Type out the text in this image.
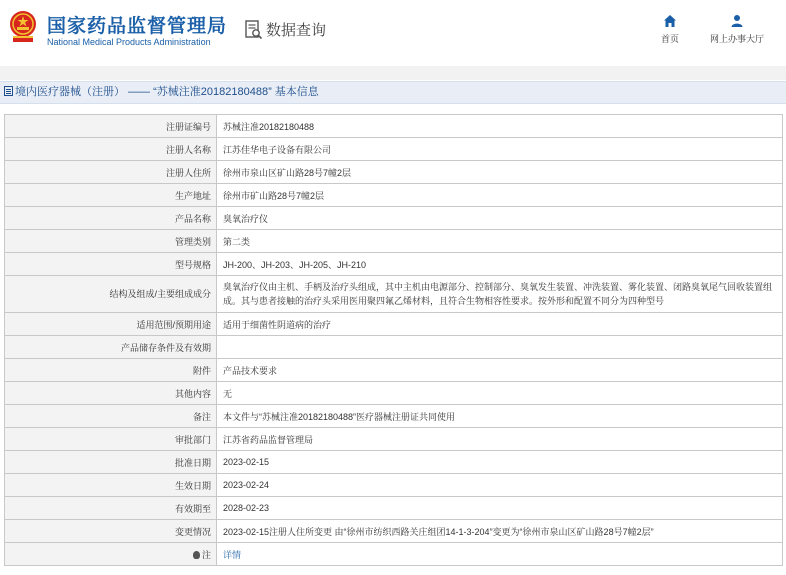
国家药品监督管理局
National Medical Products Administration
数据查询	首页	网上办事大厅
境内医疗器械（注册） —— “苏械注准20182180488” 基本信息
注册证编号	苏械注准20182180488
注册人名称	江苏佳华电子设备有限公司
注册人住所	徐州市泉山区矿山路28号7幢2层
生产地址	徐州市矿山路28号7幢2层
产品名称	臭氧治疗仪
管理类别	第二类
型号规格	JH-200、JH-203、JH-205、JH-210
结构及组成/主要组成成分	臭氧治疗仪由主机、手柄及治疗头组成，其中主机由电源部分、控制部分、臭氧发生装置、冲洗装置、雾化装置、闭路臭氧尾气回收装置组成。其与患者接触的治疗头采用医用聚四氟乙烯材料，且符合生物相容性要求。按外形和配置不同分为四种型号
适用范围/预期用途	适用于细菌性阴道病的治疗
产品储存条件及有效期	
附件	产品技术要求
其他内容	无
备注	本文件与“苏械注准20182180488”医疗器械注册证共同使用
审批部门	江苏省药品监督管理局
批准日期	2023-02-15
生效日期	2023-02-24
有效期至	2028-02-23
变更情况	2023-02-15注册人住所变更 由“徐州市纺织西路关庄组团14-1-3-204”变更为“徐州市泉山区矿山路28号7幢2层”
注	详情
